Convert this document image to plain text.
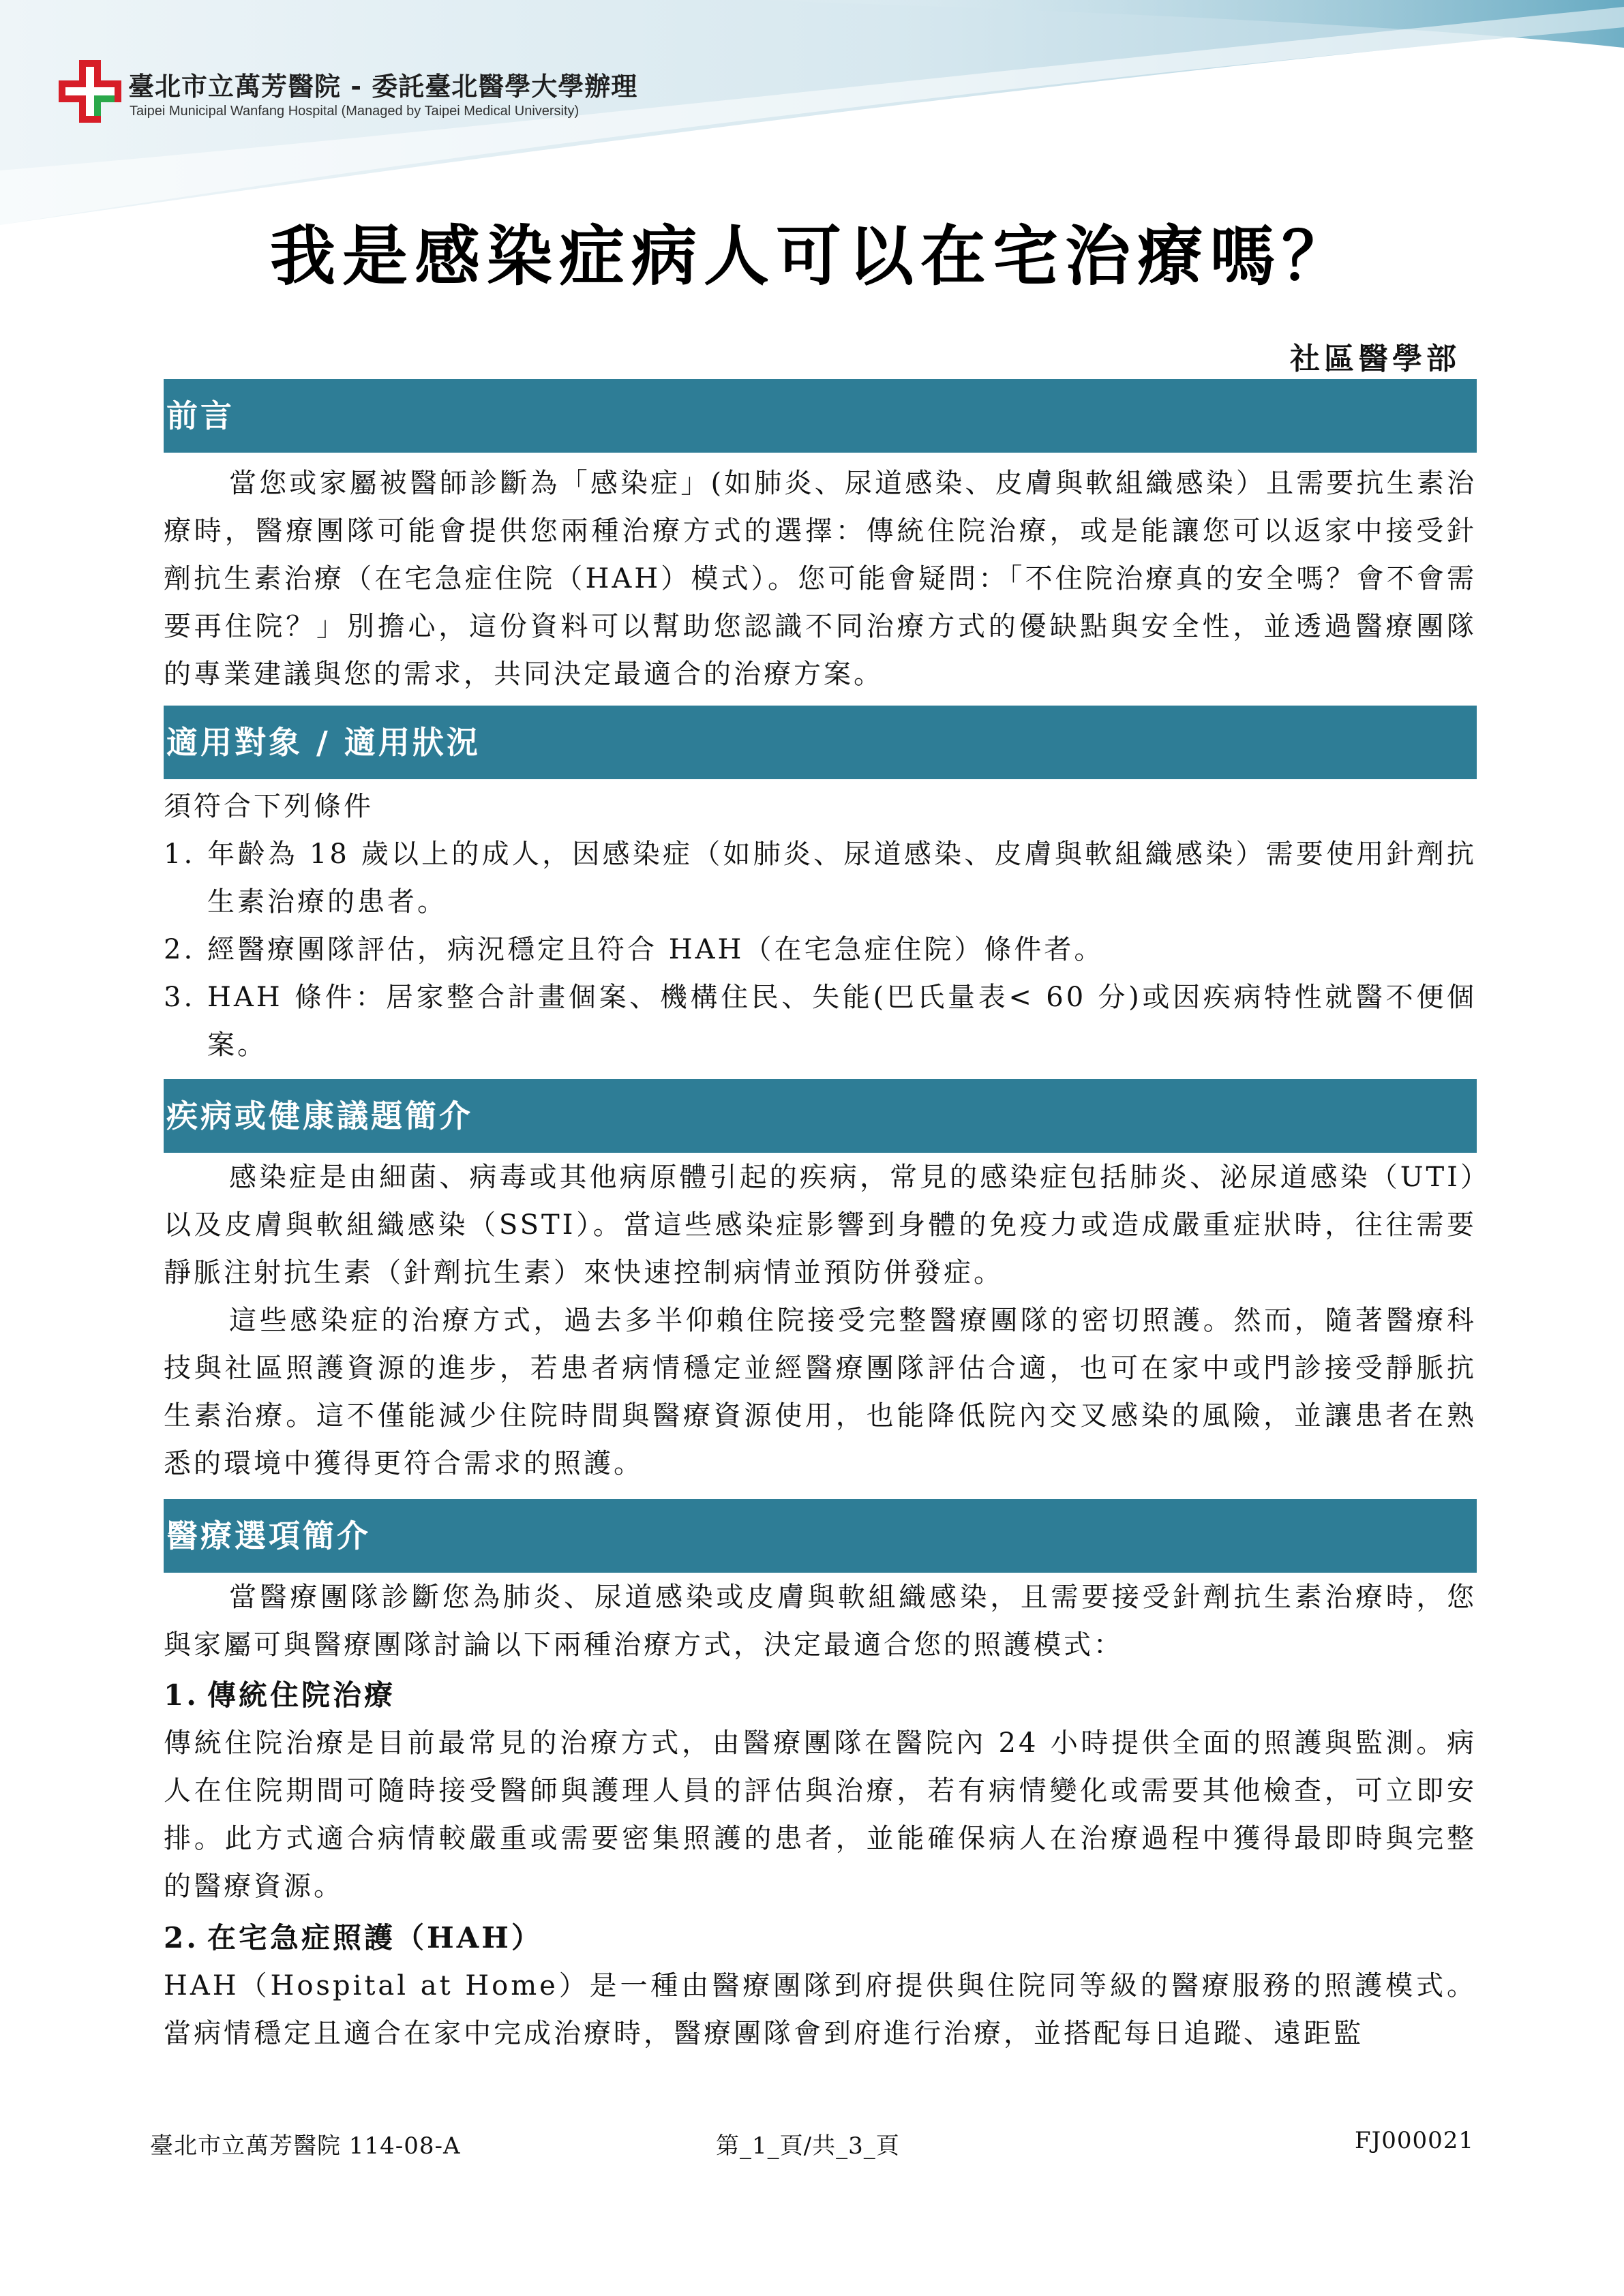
臺北市立萬芳醫院 - 委託臺北醫學大學辦理
Taipei Municipal Wanfang Hospital (Managed by Taipei Medical University)
我是感染症病人可以在宅治療嗎？
社區醫學部
前言

當您或家屬被醫師診斷為「感染症」(如肺炎、尿道感染、皮膚與軟組織感染）且需要抗生素治療時，醫療團隊可能會提供您兩種治療方式的選擇：傳統住院治療，或是能讓您可以返家中接受針劑抗生素治療（在宅急症住院（HAH）模式）。您可能會疑問：「不住院治療真的安全嗎？會不會需要再住院？」別擔心，這份資料可以幫助您認識不同治療方式的優缺點與安全性，並透過醫療團隊的專業建議與您的需求，共同決定最適合的治療方案。

適用對象 / 適用狀況

須符合下列條件

1. 年齡為 18 歲以上的成人，因感染症（如肺炎、尿道感染、皮膚與軟組織感染）需要使用針劑抗生素治療的患者。

2. 經醫療團隊評估，病況穩定且符合 HAH（在宅急症住院）條件者。

3. HAH 條件：居家整合計畫個案、機構住民、失能(巴氏量表< 60 分)或因疾病特性就醫不便個案。

疾病或健康議題簡介

感染症是由細菌、病毒或其他病原體引起的疾病，常見的感染症包括肺炎、泌尿道感染（UTI）以及皮膚與軟組織感染（SSTI）。當這些感染症影響到身體的免疫力或造成嚴重症狀時，往往需要靜脈注射抗生素（針劑抗生素）來快速控制病情並預防併發症。

這些感染症的治療方式，過去多半仰賴住院接受完整醫療團隊的密切照護。然而，隨著醫療科技與社區照護資源的進步，若患者病情穩定並經醫療團隊評估合適，也可在家中或門診接受靜脈抗生素治療。這不僅能減少住院時間與醫療資源使用，也能降低院內交叉感染的風險，並讓患者在熟悉的環境中獲得更符合需求的照護。

醫療選項簡介

當醫療團隊診斷您為肺炎、尿道感染或皮膚與軟組織感染，且需要接受針劑抗生素治療時，您與家屬可與醫療團隊討論以下兩種治療方式，決定最適合您的照護模式：

1. 傳統住院治療

傳統住院治療是目前最常見的治療方式，由醫療團隊在醫院內 24 小時提供全面的照護與監測。病人在住院期間可隨時接受醫師與護理人員的評估與治療，若有病情變化或需要其他檢查，可立即安排。此方式適合病情較嚴重或需要密集照護的患者，並能確保病人在治療過程中獲得最即時與完整的醫療資源。

2. 在宅急症照護（HAH）

HAH（Hospital at Home）是一種由醫療團隊到府提供與住院同等級的醫療服務的照護模式。當病情穩定且適合在家中完成治療時，醫療團隊會到府進行治療，並搭配每日追蹤、遠距監

臺北市立萬芳醫院 114-08-A	第_1_頁/共_3_頁	FJ000021
